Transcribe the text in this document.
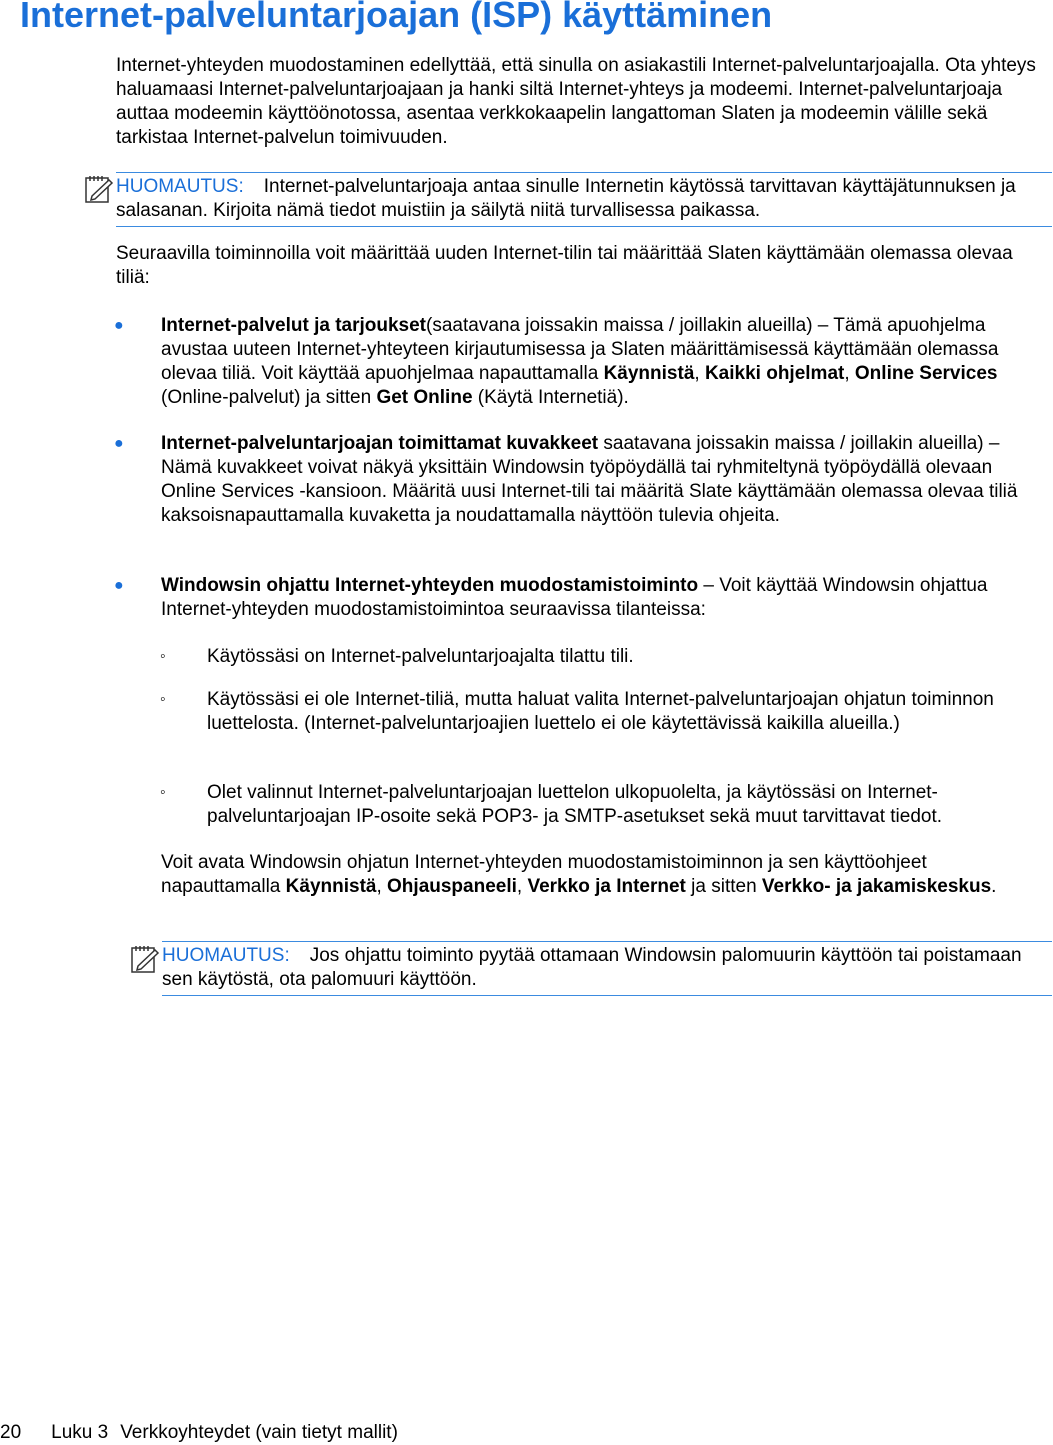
Internet-palveluntarjoajan (ISP) käyttäminen

Internet-yhteyden muodostaminen edellyttää, että sinulla on asiakastili Internet-palveluntarjoajalla. Ota yhteys haluamaasi Internet-palveluntarjoajaan ja hanki siltä Internet-yhteys ja modeemi. Internet-palveluntarjoaja auttaa modeemin käyttöönotossa, asentaa verkkokaapelin langattoman Slaten ja modeemin välille sekä tarkistaa Internet-palvelun toimivuuden.

HUOMAUTUS: Internet-palveluntarjoaja antaa sinulle Internetin käytössä tarvittavan käyttäjätunnuksen ja salasanan. Kirjoita nämä tiedot muistiin ja säilytä niitä turvallisessa paikassa.

Seuraavilla toiminnoilla voit määrittää uuden Internet-tilin tai määrittää Slaten käyttämään olemassa olevaa tiliä:

● Internet-palvelut ja tarjoukset(saatavana joissakin maissa / joillakin alueilla) – Tämä apuohjelma avustaa uuteen Internet-yhteyteen kirjautumisessa ja Slaten määrittämisessä käyttämään olemassa olevaa tiliä. Voit käyttää apuohjelmaa napauttamalla Käynnistä, Kaikki ohjelmat, Online Services (Online-palvelut) ja sitten Get Online (Käytä Internetiä).

● Internet-palveluntarjoajan toimittamat kuvakkeet saatavana joissakin maissa / joillakin alueilla) – Nämä kuvakkeet voivat näkyä yksittäin Windowsin työpöydällä tai ryhmiteltynä työpöydällä olevaan Online Services -kansioon. Määritä uusi Internet-tili tai määritä Slate käyttämään olemassa olevaa tiliä kaksoisnapauttamalla kuvaketta ja noudattamalla näyttöön tulevia ohjeita.

● Windowsin ohjattu Internet-yhteyden muodostamistoiminto – Voit käyttää Windowsin ohjattua Internet-yhteyden muodostamistoimintoa seuraavissa tilanteissa:

◦ Käytössäsi on Internet-palveluntarjoajalta tilattu tili.

◦ Käytössäsi ei ole Internet-tiliä, mutta haluat valita Internet-palveluntarjoajan ohjatun toiminnon luettelosta. (Internet-palveluntarjoajien luettelo ei ole käytettävissä kaikilla alueilla.)

◦ Olet valinnut Internet-palveluntarjoajan luettelon ulkopuolelta, ja käytössäsi on Internet-palveluntarjoajan IP-osoite sekä POP3- ja SMTP-asetukset sekä muut tarvittavat tiedot.

Voit avata Windowsin ohjatun Internet-yhteyden muodostamistoiminnon ja sen käyttöohjeet napauttamalla Käynnistä, Ohjauspaneeli, Verkko ja Internet ja sitten Verkko- ja jakamiskeskus.

HUOMAUTUS: Jos ohjattu toiminto pyytää ottamaan Windowsin palomuurin käyttöön tai poistamaan sen käytöstä, ota palomuuri käyttöön.
20 Luku 3 Verkkoyhteydet (vain tietyt mallit)
